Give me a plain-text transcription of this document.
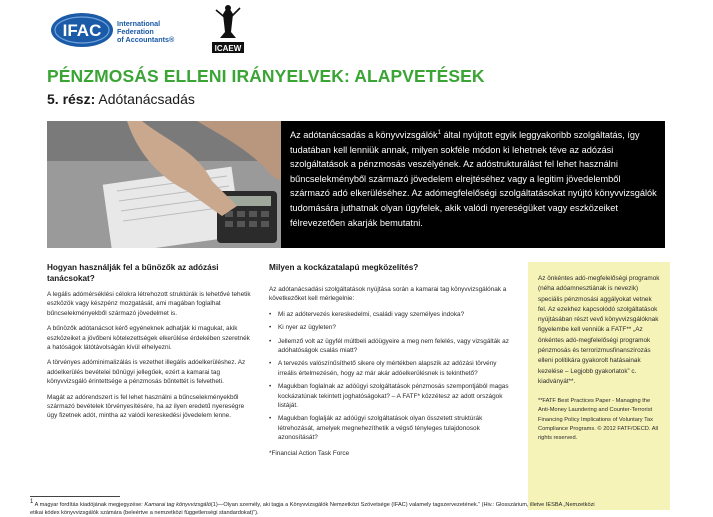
IFAC International
Federation
of Accountants®
ICAEW
PÉNZMOSÁS ELLENI IRÁNYELVEK: ALAPVETÉSEK
5. rész: Adótanácsadás
Az adótanácsadás a könyvvizsgálók$^1$ által nyújtott egyik leggyakoribb szolgáltatás, így tudatában kell lenniük annak, milyen sokféle módon ki lehetnek téve az adózási szolgáltatások a pénzmosás veszélyének. Az adóstrukturálást fel lehet használni bűncselekményből származó jövedelem elrejtéséhez vagy a legitim jövedelemből származó adó elkerüléséhez. Az adómegfelelőségi szolgáltatásokat nyújtó könyvvizsgálók tudomására juthatnak olyan ügyfelek, akik valódi nyereségüket vagy eszközeiket félrevezetően akarják bemutatni.
Hogyan használják fel a bűnözők az adózási tanácsokat?

A legális adómérséklési célokra létrehozott struktúrák is lehetővé tehetik eszközök vagy készpénz mozgatását, ami magában foglalhat bűncselekményekből származó jövedelmet is.

A bűnözők adótanácsot kérő egyéneknek adhatják ki magukat, akik eszközeiket a jövőbeni kötelezettségek elkerülése érdekében szeretnék a hatóságok látótávolságán kívül elhelyezni.

A törvényes adóminimalizálás is vezethet illegális adóelkerüléshez. Az adóelkerülés bevételei bűnügyi jellegűek, ezért a kamarai tag könyvvizsgáló érintettsége a pénzmosás bűntettét is felvetheti.

Magát az adórendszert is fel lehet használni a bűncselekményekből származó bevételek törvényesítésére, ha az ilyen eredetű nyereségre úgy fizetnek adót, mintha az valódi kereskedési jövedelem lenne.

Milyen a kockázatalapú megközelítés?

Az adótanácsadási szolgáltatások nyújtása során a kamarai tag könyvvizsgálónak a következőket kell mérlegelnie:

• Mi az adótervezés kereskedelmi, családi vagy személyes indoka?
• Ki nyer az ügyleten?
• Jellemző volt az ügyfél múltbeli adóügyeire a meg nem felelés, vagy vizsgálták az adóhatóságok csalás miatt?
• A tervezés valószínűsíthető sikere oly mértékben alapszik az adózási törvény irreális értelmezésén, hogy az már akár adóelkerülésnek is tekinthető?
• Magukban foglalnak az adóügyi szolgáltatások pénzmosás szempontjából magas kockázatúnak tekintett joghatóságokat? – A FATF* közzétesz az adott országok listáját.
• Magukban foglalják az adóügyi szolgáltatások olyan összetett struktúrák létrehozását, amelyek megnehezíthetik a végső tényleges tulajdonosok azonosítását?
*Financial Action Task Force

Az önkéntes adó-megfelelőségi programok (néha adóamnesztiának is nevezik) speciális pénzmosási aggályokat vetnek fel. Az ezekhez kapcsolódó szolgáltatások nyújtásában részt vevő könyvvizsgálóknak figyelembe kell venniük a FATF** „Az önkéntes adó-megfelelőségi programok pénzmosás és terrorizmusfinanszírozás elleni politikára gyakorolt hatásainak kezelése – Legjobb gyakorlatok” c. kiadványát**.

**FATF Best Practices Paper - Managing the Anti-Money Laundering and Counter-Terrorist Financing Policy Implications of Voluntary Tax Compliance Programs. © 2012 FATF/OECD. All rights reserved.

$^1$ A magyar fordítás kiadójának megjegyzése: Kamarai tag könyvvizsgáló(1)—Olyan személy, aki tagja a Könyvvizsgálók Nemzetközi Szövetsége (IFAC) valamely tagszervezetének.” (Hiv.: Glosszárium, illetve IESBA „Nemzetközi
etikai kódex könyvvizsgálók számára (beleértve a nemzetközi függetlenségi standardokat)”).
